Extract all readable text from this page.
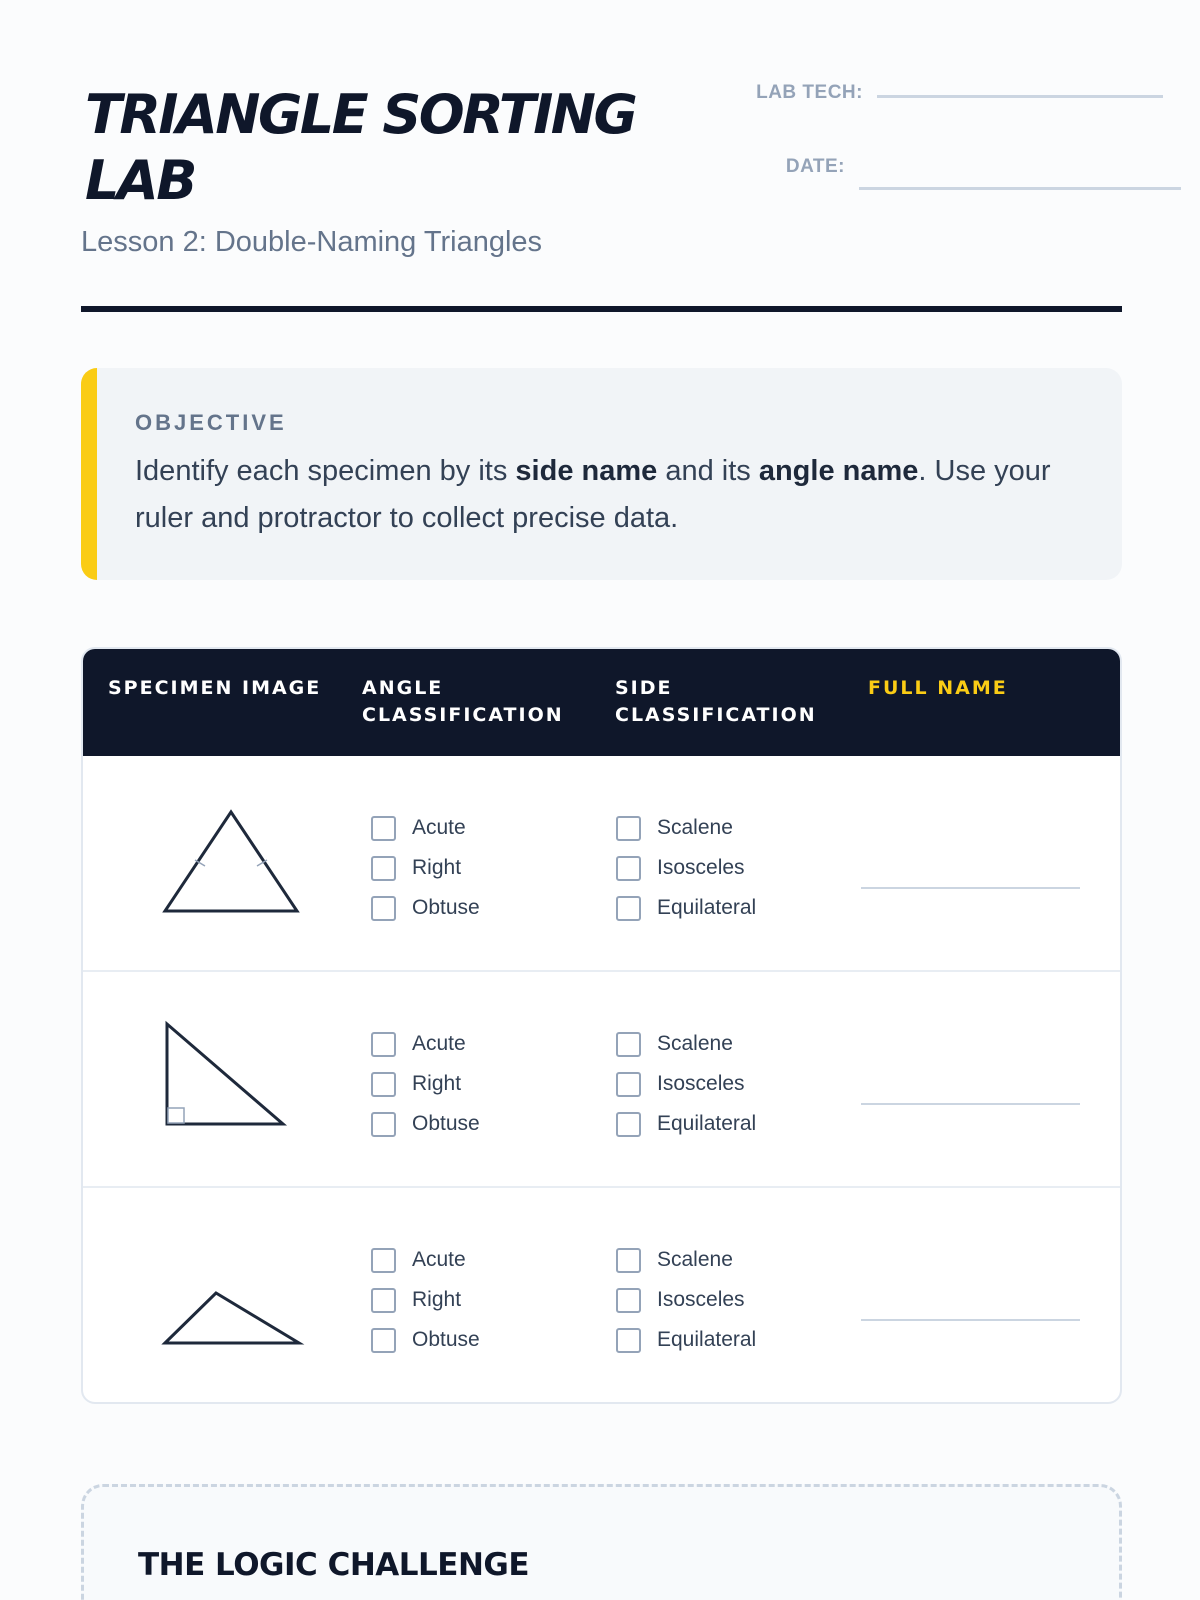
TRIANGLE SORTING LAB
LAB TECH:
DATE:
Lesson 2: Double-Naming Triangles
OBJECTIVE
Identify each specimen by its side name and its angle name. Use your ruler and protractor to collect precise data.
SPECIMEN IMAGE ANGLE CLASSIFICATION
SIDE CLASSIFICATION
FULL NAME
Acute
Right
Obtuse
Scalene
Isosceles
Equilateral
Acute
Right
Obtuse
Scalene
Isosceles
Equilateral
Acute
Right
Obtuse
Scalene
Isosceles
Equilateral
THE LOGIC CHALLENGE
